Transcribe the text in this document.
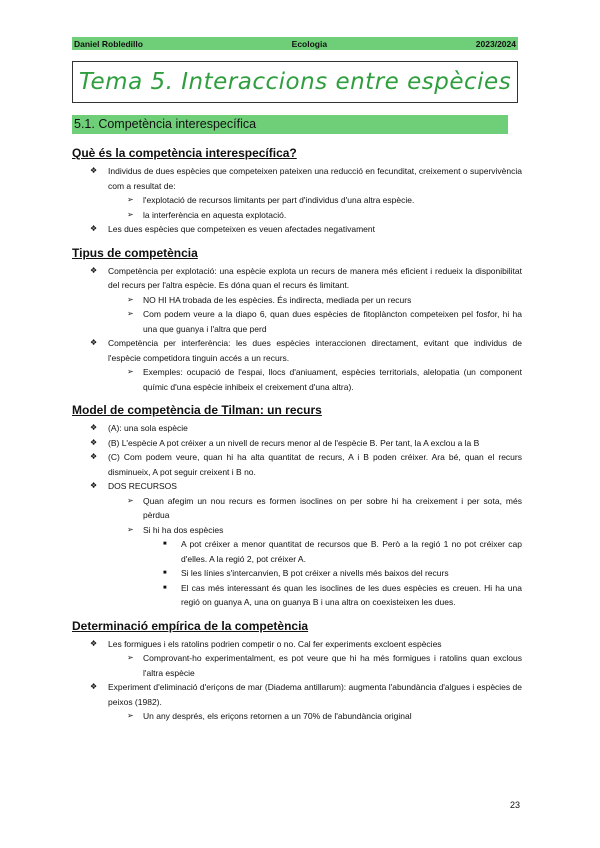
Daniel Robledillo	Ecologia	2023/2024
Tema 5. Interaccions entre espècies
5.1. Competència interespecífica
Què és la competència interespecífica?
❖ Individus de dues espècies que competeixen pateixen una reducció en fecunditat, creixement o supervivència com a resultat de:
➢ l'explotació de recursos limitants per part d'individus d'una altra espècie.
➢ la interferència en aquesta explotació.
❖ Les dues espècies que competeixen es veuen afectades negativament
Tipus de competència
❖ Competència per explotació: una espècie explota un recurs de manera més eficient i redueix la disponibilitat del recurs per l'altra espècie. Es dóna quan el recurs és limitant.
➢ NO HI HA trobada de les espècies. És indirecta, mediada per un recurs
➢ Com podem veure a la diapo 6, quan dues espècies de fitoplàncton competeixen pel fosfor, hi ha una que guanya i l'altra que perd
❖ Competència per interferència: les dues espècies interaccionen directament, evitant que individus de l'espècie competidora tinguin accés a un recurs.
➢ Exemples: ocupació de l'espai, llocs d'aniuament, espècies territorials, alelopatia (un component químic d'una espècie inhibeix el creixement d'una altra).
Model de competència de Tilman: un recurs
❖ (A): una sola espècie
❖ (B) L'espècie A pot créixer a un nivell de recurs menor al de l'espècie B. Per tant, la A exclou a la B
❖ (C) Com podem veure, quan hi ha alta quantitat de recurs, A i B poden créixer. Ara bé, quan el recurs disminueix, A pot seguir creixent i B no.
❖ DOS RECURSOS
➢ Quan afegim un nou recurs es formen isoclines on per sobre hi ha creixement i per sota, més pèrdua
➢ Si hi ha dos espècies
■ A pot créixer a menor quantitat de recursos que B. Però a la regió 1 no pot créixer cap d'elles. A la regió 2, pot créixer A.
■ Si les línies s'intercanvien, B pot créixer a nivells més baixos del recurs
■ El cas més interessant és quan les isoclines de les dues espècies es creuen. Hi ha una regió on guanya A, una on guanya B i una altra on coexisteixen les dues.
Determinació empírica de la competència
❖ Les formigues i els ratolins podrien competir o no. Cal fer experiments excloent espècies
➢ Comprovant-ho experimentalment, es pot veure que hi ha més formigues i ratolins quan exclous l'altra espècie
❖ Experiment d'eliminació d'eriçons de mar (Diadema antillarum): augmenta l'abundància d'algues i espècies de peixos (1982).
➢ Un any després, els eriçons retornen a un 70% de l'abundància original
23
